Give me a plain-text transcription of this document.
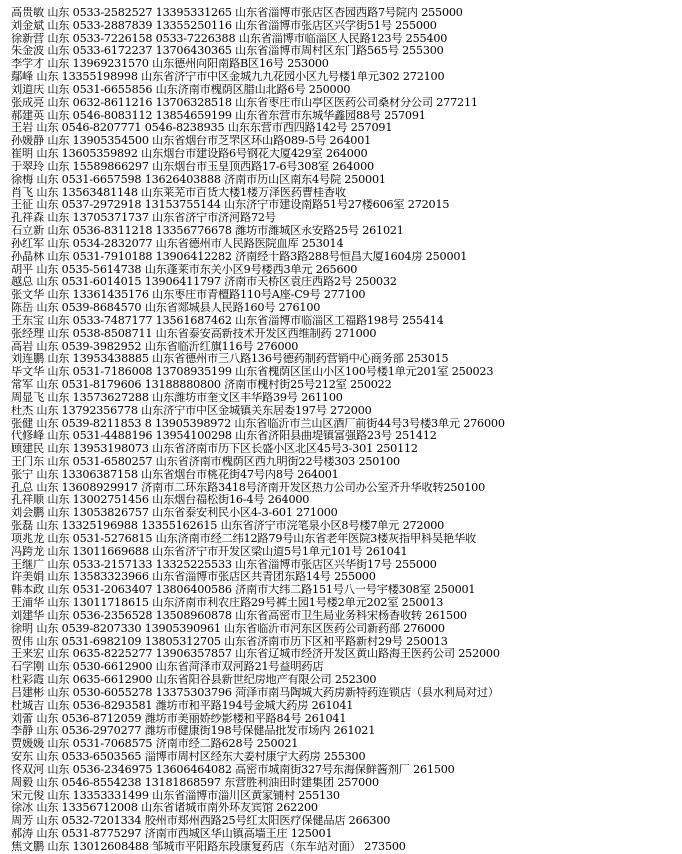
高贵敏 山东 0533-2582527 13395331265 山东省淄博市张店区杏园西路7号院内 255000
刘金斌 山东 0533-2887839 13355250116 山东省淄博市张店区兴学街51号 255000
徐新营 山东 0533-7226158 0533-7226388 山东省淄博市临淄区人民路123号 255400
朱金波 山东 0533-6172237 13706430365 山东省淄博市周村区东门路565号 255300
李学才 山东 13969231570 山东德州向阳南路B区16号 253000
鄢峰 山东 13355198998 山东省济宁市中区金城九九花园小区九号楼1单元302 272100
刘道庆 山东 0531-6655856 山东济南市槐荫区腊山北路6号 250000
张成亮 山东 0632-8611216 13706328518 山东省枣庄市山亭区医药公司桑材分公司 277211
郝建英 山东 0546-8083112 13854659199 山东省东营市东城华鑫园88号 257091
王岩 山东 0546-8207771 0546-8238935 山东东营市西四路142号 257091
孙媛静 山东 13905354500 山东省烟台市芝罘区环山路089-5号 264001
崔明 山东 13605359892 山东烟台市建设路6号钢花大厦429室 264000
于翠玲 山东 15589866297 山东烟台市玉皇顶西路17-6号308室 264000
徐梅 山东 0531-6657598 13626403888 济南市历山区南东4号院 250001
肖飞 山东 13563481148 山东莱芜市百货大楼1楼万泽医药曹桂香收
王征 山东 0537-2972918 13153755144 山东济宁市建设南路51号27楼606室 272015
孔祥森 山东 13705371737 山东省济宁市济河路72号
石立新 山东 0536-8311218 13356776678 潍坊市潍城区永安路25号 261021
孙红军 山东 0534-2832077 山东省德州市人民路医院血库 253014
孙晶林 山东 0531-7910188 13906412282 济南经十路3路288号恒昌大厦1604房 250001
胡平 山东 0535-5614738 山东蓬莱市东关小区9号楼西3单元 265600
越总 山东 0531-6014015 13906411797 济南市天桥区袁庄西路2号 250032
张文华 山东 13361435176 山东枣庄市青檀路110号A座-C9号 277100
陈岳 山东 0539-8684570 山东省郯城县人民路160号 276100
王东宝 山东 0533-7487177 13561687462 山东省淄博市临淄区工福路198号 255414
张经理 山东 0538-8508711 山东省泰安高新技术开发区西维制药 271000
高岩 山东 0539-3982952 山东省临沂红旗116号 276000
刘连鹏 山东 13953438885 山东省德州市三八路136号德药制药营销中心商务部 253015
毕文华 山东 0531-7186008 13708935199 山东省槐荫区匡山小区100号楼1单元201室 250023
常军 山东 0531-8179606 13188880800 济南市槐村街25号212室 250022
周显飞 山东 13573627288 山东潍坊市奎文区丰华路39号 261100
杜杰 山东 13792356778 山东济宁市中区金城镇关东居委197号 272000
张健 山东 0539-8211853 8 13905398972 山东省临沂市兰山区酒厂前街44号3号楼3单元 276000
代修峰 山东 0531-4488196 13954100298 山东省济阳县曲堤镇富强路23号 251412
顾建民 山东 13953198073 山东省济南市历下区长盛小区北区45号3-301 250112
王门东 山东 0531-6580257 山东省济南市槐荫区西九明街22号楼303 250100
张宁 山东 13306387158 山东省烟台市桃花街47号内8号 264001
孔总 山东 13608929917 济南市二环东路3418号济南开发区热力公司办公室齐升华收转250100
孔祥顺 山东 13002751456 山东烟台福松街16-4号 264000
刘会鹏 山东 13053826757 山东省泰安利民小区4-3-601 271000
张磊 山东 13325196988 13355162615 山东省济宁市浣笔泉小区8号楼7单元 272000
项兆龙 山东 0531-5276815 山东济南市经二纬12路79号山东省老年医院3楼灰指甲科吴艳华收
冯跨龙 山东 13011669688 山东省济宁市开发区梁山道5号1单元101号 261041
王继广 山东 0533-2157133 13325225533 山东省淄博市张店区兴华街17号 255000
许美娟 山东 13583323966 山东省淄博市张店区共青团东路14号 255000
韩本政 山东 0531-2063407 13806400586 济南市大纬二路151号八一号宇楼308室 250001
王浦华 山东 13011718615 山东济南市利农庄路29号裤土园1号楼2单元202室 250013
刘建华 山东 0536-2356528 13508960878 山东省高密市卫生局业务科宋杨香收转 261500
徐明 山东 0539-8207330 13905390961 山东省临沂市河东区医药公司新药部 276000
贺伟 山东 0531-6982109 13805312705 山东省济南市历下区和平路新村29号 250013
王来宏 山东 0635-8225277 13906357857 山东省辽城市经济开发区黄山路海王医药公司 252000
石学刚 山东 0530-6612900 山东省菏泽市双河路21号益明药店
杜彩霞 山东 0635-6612900 山东省阳谷县新世纪房地产有限公司 252300
吕建彬 山东 0530-6055278 13375303796 菏泽市南马陶城大药房新特药连锁店（县水利局对过）
杜城吉 山东 0536-8293581 潍坊市和平路194号金城大药房 261041
刘蕾 山东 0536-8712059 潍坊市美丽娇纱影楼和平路84号 261041
李静 山东 0536-2970277 潍坊市健康街198号保健品批发市场内 261021
贾媛媛 山东 0531-7068575 济南市经二路628号 250021
安东 山东 0533-6503565 淄博市周村区经东大姜村康宁大药房 255300
佟双河 山东 0536-2346975 13606464082 高密市城南街327号东海保鲜酱剂厂 261500
周毅 山东 0546-8554238 13181868597 东营胜利油田时建集团 257000
宋元俊 山东 13353331499 山东省淄博市淄川区黄家铺村 255130
徐冰 山东 13356712008 山东省诸城市南外环友宾馆 262200
周芳 山东 0532-7201334 胶州市郑州西路25号红太阳医疗保健品店 266300
郝涛 山东 0531-8775297 济南市西城区华山镇高墙王庄 125001
焦文鹏 山东 13012608488 邹城市平阳路东段康复药店（东车站对面） 273500
